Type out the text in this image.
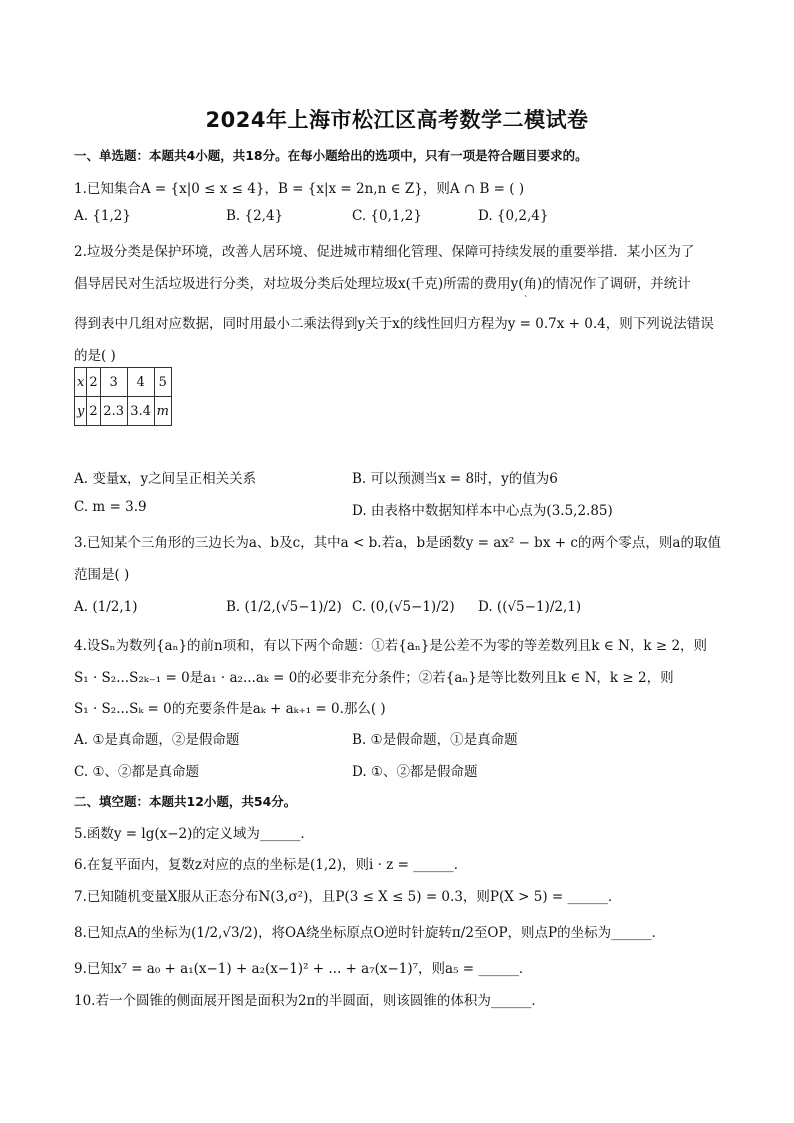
2024年上海市松江区高考数学二模试卷
一、单选题：本题共4小题，共18分。在每小题给出的选项中，只有一项是符合题目要求的。
1.已知集合A = {x|0 ≤ x ≤ 4}，B = {x|x = 2n,n ∈ Z}，则A ∩ B = ( )
A. {1,2}	B. {2,4}	C. {0,1,2}	D. {0,2,4}
2.垃圾分类是保护环境，改善人居环境、促进城市精细化管理、保障可持续发展的重要举措．某小区为了
倡导居民对生活垃圾进行分类，对垃圾分类后处理垃圾x(千克)所需的费用y(角)的情况作了调研，并统计
ˋ
得到表中几组对应数据，同时用最小二乘法得到y关于x的线性回归方程为y = 0.7x + 0.4，则下列说法错误
的是( )
x	2	3	4	5
y	2	2.3	3.4	m
A. 变量x，y之间呈正相关关系	B. 可以预测当x = 8时，y的值为6
C. m = 3.9	D. 由表格中数据知样本中心点为(3.5,2.85)
3.已知某个三角形的三边长为a、b及c，其中a < b.若a，b是函数y = ax² − bx + c的两个零点，则a的取值
范围是( )
A. (1/2,1)	B. (1/2,(√5−1)/2) C. (0,(√5−1)/2) D. ((√5−1)/2,1)
4.设Sₙ为数列{aₙ}的前n项和，有以下两个命题：①若{aₙ}是公差不为零的等差数列且k ∈ N，k ≥ 2，则
S₁ · S₂...S₂ₖ₋₁ = 0是a₁ · a₂...aₖ = 0的必要非充分条件；②若{aₙ}是等比数列且k ∈ N，k ≥ 2，则
S₁ · S₂...Sₖ = 0的充要条件是aₖ + aₖ₊₁ = 0.那么( )
A. ①是真命题，②是假命题	B. ①是假命题，①是真命题
C. ①、②都是真命题	D. ①、②都是假命题
二、填空题：本题共12小题，共54分。
5.函数y = lg(x−2)的定义域为______．
6.在复平面内，复数z对应的点的坐标是(1,2)，则i · z = ______．
7.已知随机变量X服从正态分布N(3,σ²)，且P(3 ≤ X ≤ 5) = 0.3，则P(X > 5) = ______．
8.已知点A的坐标为(1/2,√3/2)，将OA绕坐标原点O逆时针旋转π/2至OP，则点P的坐标为______．
9.已知x⁷ = a₀ + a₁(x−1) + a₂(x−1)² + ... + a₇(x−1)⁷，则a₅ = ______．
10.若一个圆锥的侧面展开图是面积为2π的半圆面，则该圆锥的体积为______．
